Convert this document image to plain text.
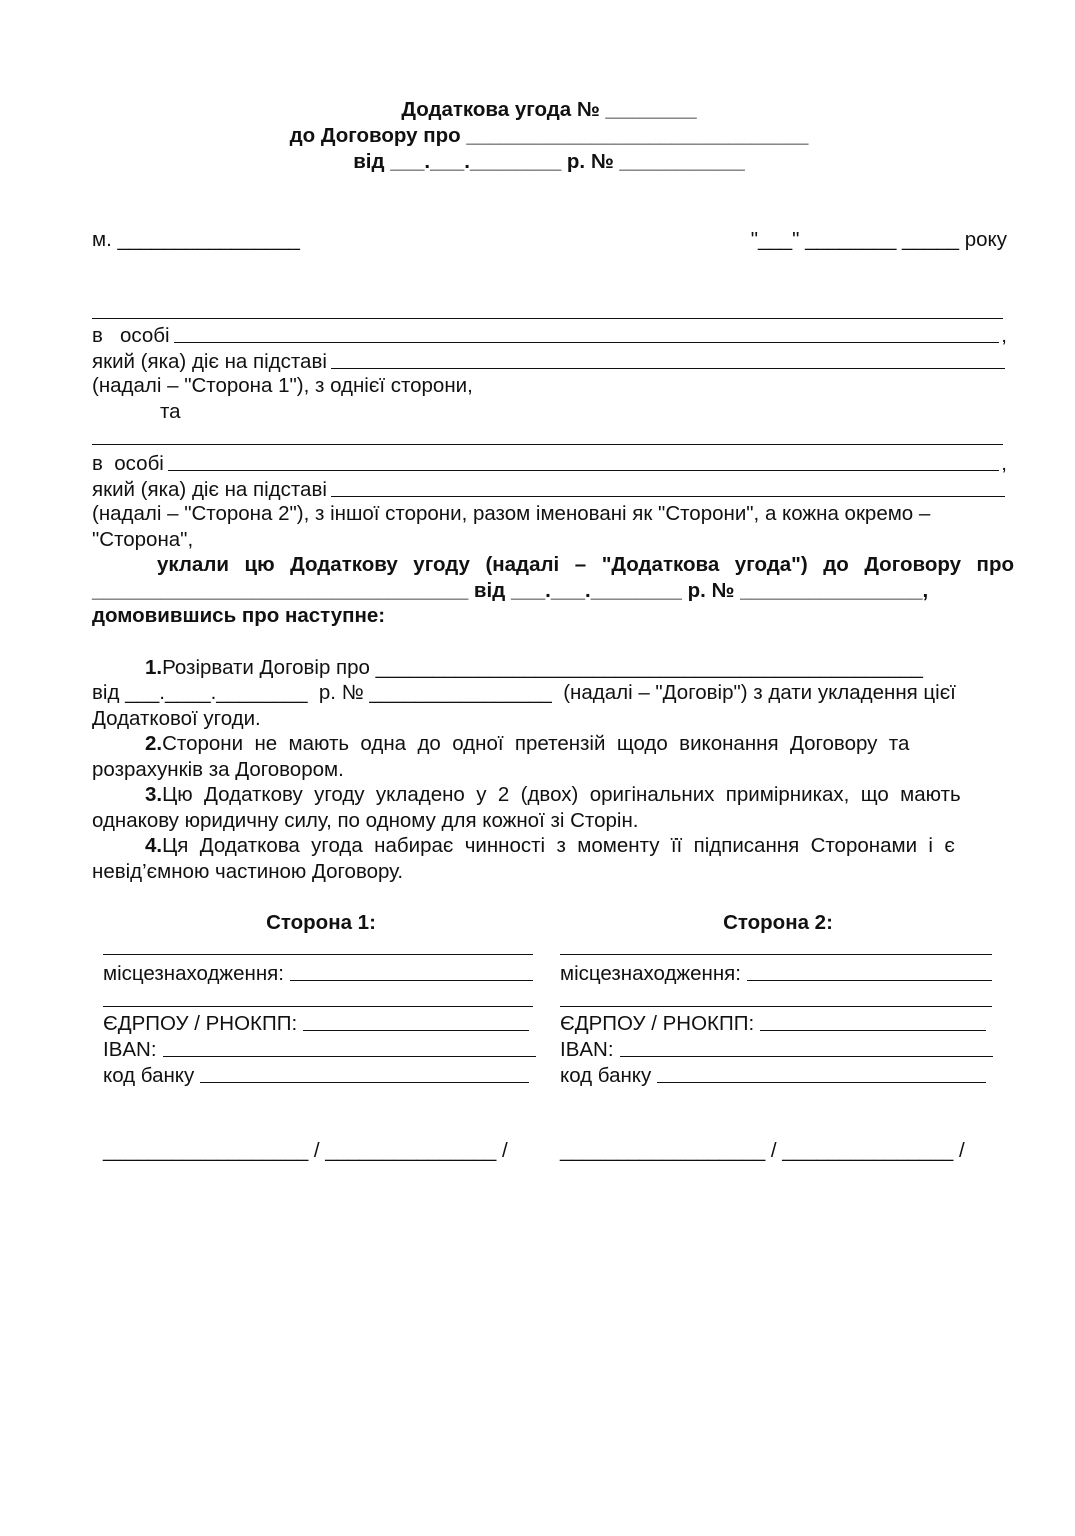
Додаткова угода № ________
до Договору про ______________________________
від ___.___.________ р. № ___________
м. ________________	"___" ________ _____ року
в   особі	,
який (яка) діє на підставі
(надалі – "Сторона 1"), з однієї сторони,
та
в  особі	,
який (яка) діє на підставі
(надалі – "Сторона 2"), з іншої сторони, разом іменовані як "Сторони", а кожна окремо –
"Сторона",
уклали цю Додаткову угоду (надалі – "Додаткова угода") до Договору про
_________________________________ від ___.___.________ р. № ________________,
домовившись про наступне:
1.Розірвати Договір про ________________________________________________
від ___.____.________  р. № ________________  (надалі – "Договір") з дати укладення цієї
Додаткової угоди.
2.Сторони  не  мають  одна  до  одної  претензій  щодо  виконання  Договору  та
розрахунків за Договором.
3.Цю  Додаткову  угоду  укладено  у  2  (двох)  оригінальних  примірниках,  що  мають
однакову юридичну силу, по одному для кожної зі Сторін.
4.Ця  Додаткова  угода  набирає  чинності  з  моменту  її  підписання  Сторонами  і  є
невід’ємною частиною Договору.
Сторона 1:
місцезнаходження:
ЄДРПОУ / РНОКПП:
IBAN:
код банку
__________________ / _______________ /
Сторона 2:
місцезнаходження:
ЄДРПОУ / РНОКПП:
IBAN:
код банку
__________________ / _______________ /
